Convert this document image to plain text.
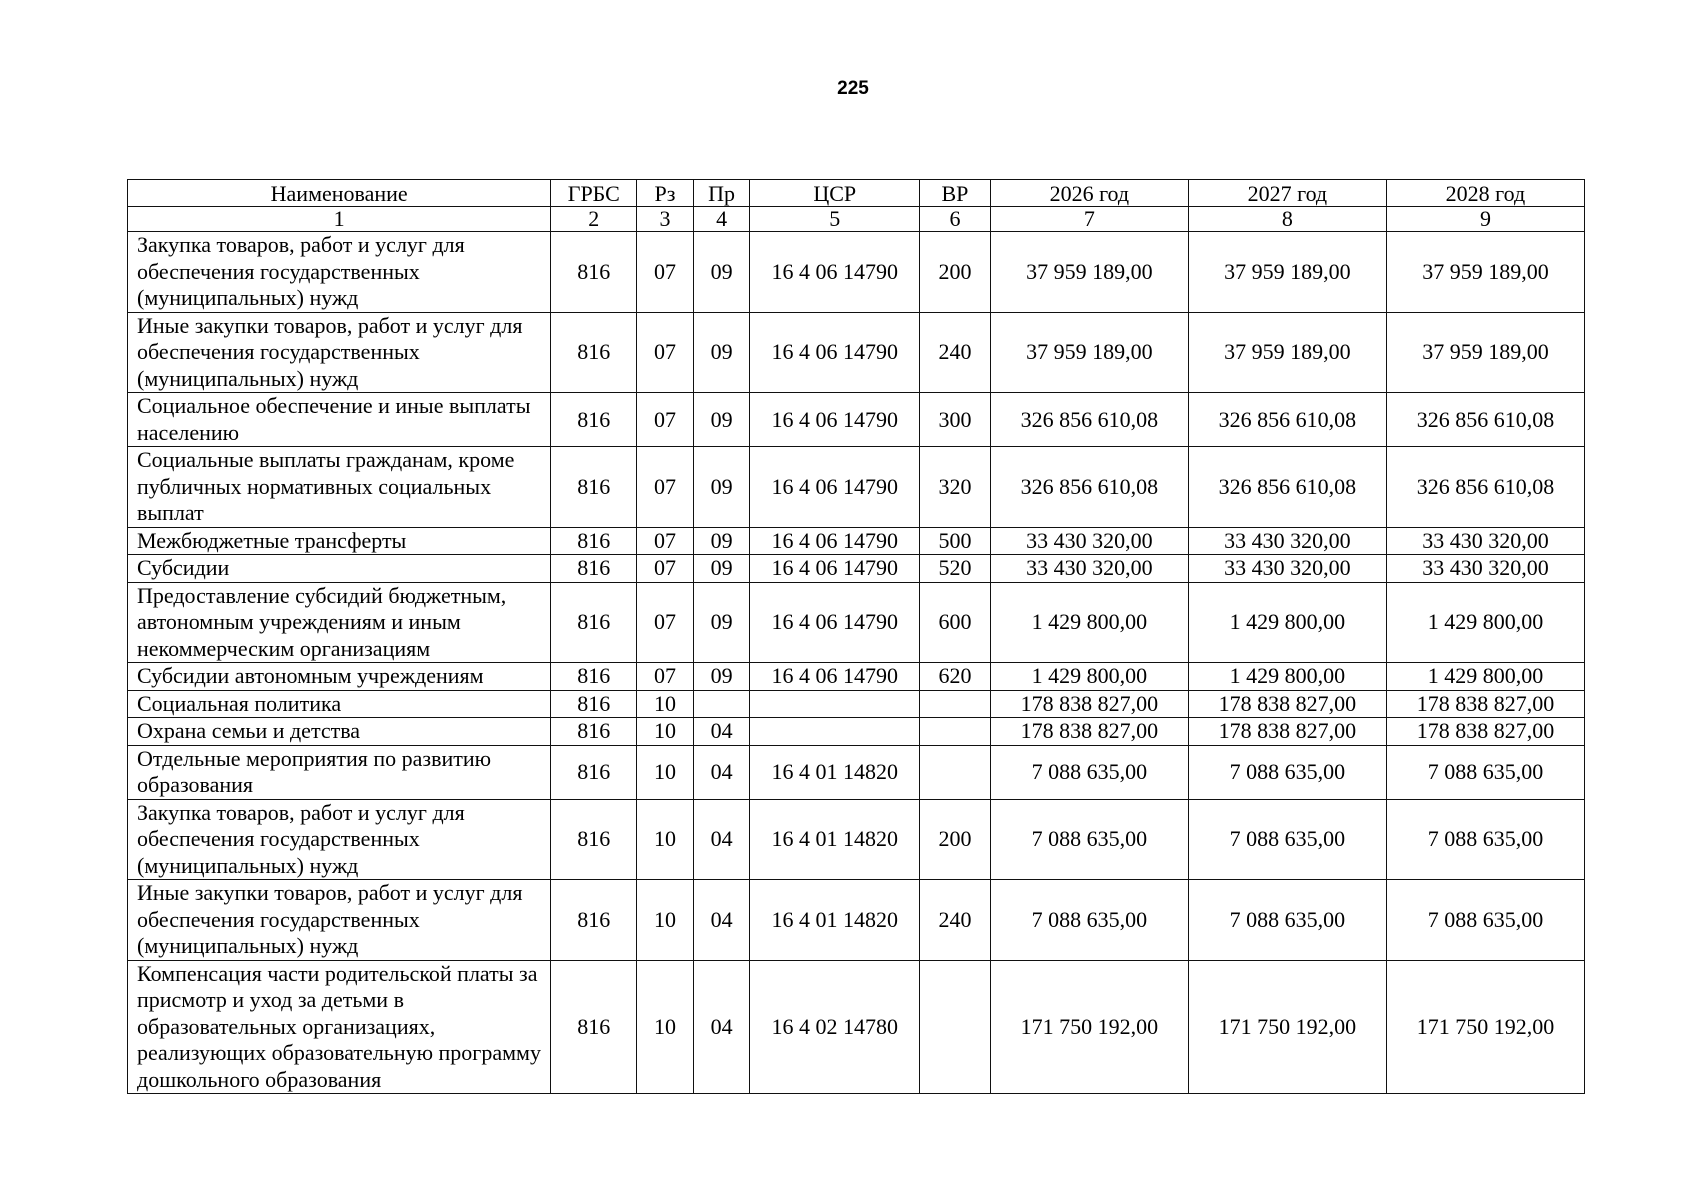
225
Наименование	ГРБС	Рз	Пр	ЦСР	ВР	2026 год	2027 год	2028 год
1	2	3	4	5	6	7	8	9
Закупка товаров, работ и услуг для обеспечения государственных (муниципальных) нужд	816	07	09	16 4 06 14790	200	37 959 189,00	37 959 189,00	37 959 189,00
Иные закупки товаров, работ и услуг для обеспечения государственных (муниципальных) нужд	816	07	09	16 4 06 14790	240	37 959 189,00	37 959 189,00	37 959 189,00
Социальное обеспечение и иные выплаты населению	816	07	09	16 4 06 14790	300	326 856 610,08	326 856 610,08	326 856 610,08
Социальные выплаты гражданам, кроме публичных нормативных социальных выплат	816	07	09	16 4 06 14790	320	326 856 610,08	326 856 610,08	326 856 610,08
Межбюджетные трансферты	816	07	09	16 4 06 14790	500	33 430 320,00	33 430 320,00	33 430 320,00
Субсидии	816	07	09	16 4 06 14790	520	33 430 320,00	33 430 320,00	33 430 320,00
Предоставление субсидий бюджетным, автономным учреждениям и иным некоммерческим организациям	816	07	09	16 4 06 14790	600	1 429 800,00	1 429 800,00	1 429 800,00
Субсидии автономным учреждениям	816	07	09	16 4 06 14790	620	1 429 800,00	1 429 800,00	1 429 800,00
Социальная политика	816	10				178 838 827,00	178 838 827,00	178 838 827,00
Охрана семьи и детства	816	10	04			178 838 827,00	178 838 827,00	178 838 827,00
Отдельные мероприятия по развитию образования	816	10	04	16 4 01 14820		7 088 635,00	7 088 635,00	7 088 635,00
Закупка товаров, работ и услуг для обеспечения государственных (муниципальных) нужд	816	10	04	16 4 01 14820	200	7 088 635,00	7 088 635,00	7 088 635,00
Иные закупки товаров, работ и услуг для обеспечения государственных (муниципальных) нужд	816	10	04	16 4 01 14820	240	7 088 635,00	7 088 635,00	7 088 635,00
Компенсация части родительской платы за присмотр и уход за детьми в образовательных организациях, реализующих образовательную программу дошкольного образования	816	10	04	16 4 02 14780		171 750 192,00	171 750 192,00	171 750 192,00
